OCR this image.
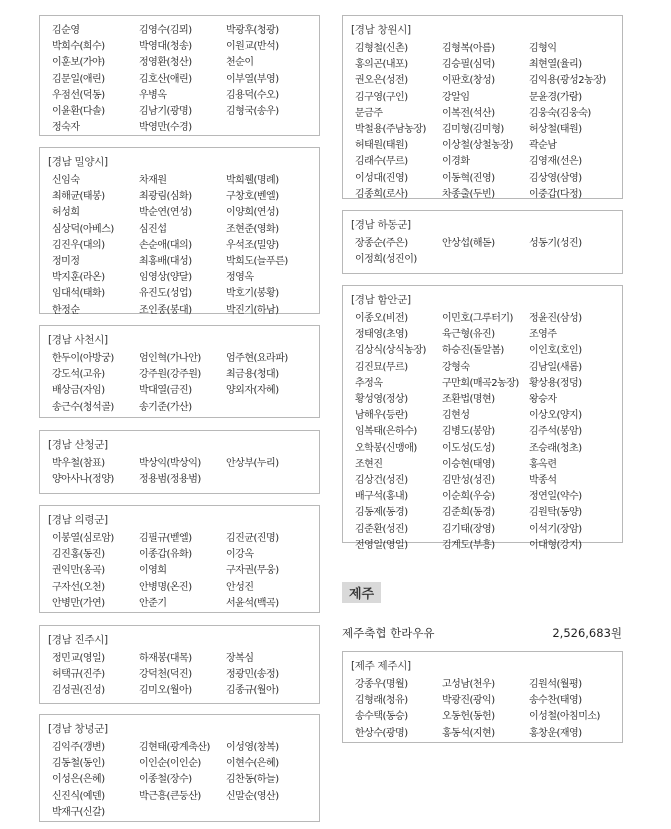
김순영	김영수(김뫼)	박광후(청광)
박희수(희수)	박영대(청송)	이원교(반석)
이훈보(가야)	정영환(청산)	천순이
김문일(애린)	김호산(애린)	이부열(부영)
우점선(덕동)	우병옥	김용덕(수오)
이윤환(다솔)	김남기(광명)	김형국(송우)
정숙자	박영만(수경)
[경남 밀양시]
신임숙	차재원	박희웰(명례)
최해균(태봉)	최광림(심화)	구창호(벤엘)
허성희	박순연(연성)	이양희(연성)
심상덕(아베스)	심진섭	조현준(영화)
김진우(대의)	손순애(대의)	우석조(밀양)
정미정	최홍배(대성)	박희도(늘푸른)
박지훈(라온)	임영상(양달)	정영옥
임대석(태화)	유진도(성업)	박호기(봉황)
한정순	조인종(봉대)	박진기(하남)
[경남 사천시]
한두이(아방궁)	엄인혁(가나안)	엄주현(요라파)
강도석(고유)	강주원(강주원)	최금용(청대)
배상금(자임)	박대열(금진)	양외자(자혜)
송근수(청석골)	송기준(가산)
[경남 산청군]
박우철(참표)	박상익(박상익)	안상부(누리)
양아사나(정양)	정용범(정용범)
[경남 의령군]
이봉열(심로암)	김필규(벧엘)	김진균(진명)
김진홍(동진)	이종갑(유화)	이강옥
권익만(옹곡)	이영희	구자권(무웅)
구자선(오천)	안병명(온진)	안성진
안병만(가연)	안준기	서윤석(백곡)
[경남 진주시]
정민교(영일)	하재봉(대목)	장복심
허택규(진주)	강덕천(덕진)	정광민(송정)
김성권(진성)	김미오(월아)	김종규(월아)
[경남 창녕군]
김익주(갱변)	김현태(광계축산)	이성영(창복)
김동철(동인)	이인순(이인순)	이현수(은혜)
이성은(은혜)	이종철(장수)	김찬동(하늘)
신진식(예덴)	박근흥(큰둥산)	신말순(영산)
박재구(신갈)
[경남 창원시]
김형철(신촌)	김형복(아름)	김형익
홍의곤(내포)	김승필(심덕)	최현열(율리)
권오은(성전)	이판호(창성)	김익용(광성2농장)
김구영(구인)	강알임	문윤경(가람)
문금주	이복전(석산)	김웅숙(김웅숙)
박철용(주남농장)	김미형(김미형)	허상철(태원)
허태원(태원)	이상철(상철농장)	곽순남
김래수(무르)	이경화	김영재(선은)
이성대(진영)	이동혁(진영)	김상영(삼영)
김종희(로사)	차종출(두빈)	이중갑(다정)
[경남 하동군]
장종순(주은)	안상섭(해돋)	성동기(성진)
이정희(성진이)
[경남 함안군]
이종오(비전)	이민호(그루터기)	정윤진(삼성)
정태영(초영)	육근형(유진)	조영주
김상식(상식농장)	하승진(돌알봄)	이인호(호인)
김진묘(무르)	강형숙	김남일(새롬)
추정옥	구만회(매곡2농장)	황상용(정덩)
황성영(정상)	조환법(명현)	왕승자
남해우(등란)	김현성	이상오(양지)
임복태(은하수)	김병도(봉암)	김주석(봉암)
오학봉(신맹애)	이도성(도성)	조승래(청초)
조현진	이승현(태영)	홍옥련
김상건(성진)	김만성(성진)	박종석
배구석(홍내)	이순희(우승)	정연일(약수)
김동제(동경)	김준희(동경)	김원탁(동양)
김준환(성진)	김기태(장영)	이석기(장암)
전영일(영일)	김계도(부흥)	이대형(강지)
제주
제주축협 한라우유	2,526,683원
[제주 제주시]
강종우(명월)	고성남(천우)	김원석(월평)
김형래(청유)	박광진(광익)	송수찬(태영)
송수택(동승)	오동헌(동헌)	이성철(아침미소)
한상수(광명)	홍동석(지현)	홍창운(재영)
